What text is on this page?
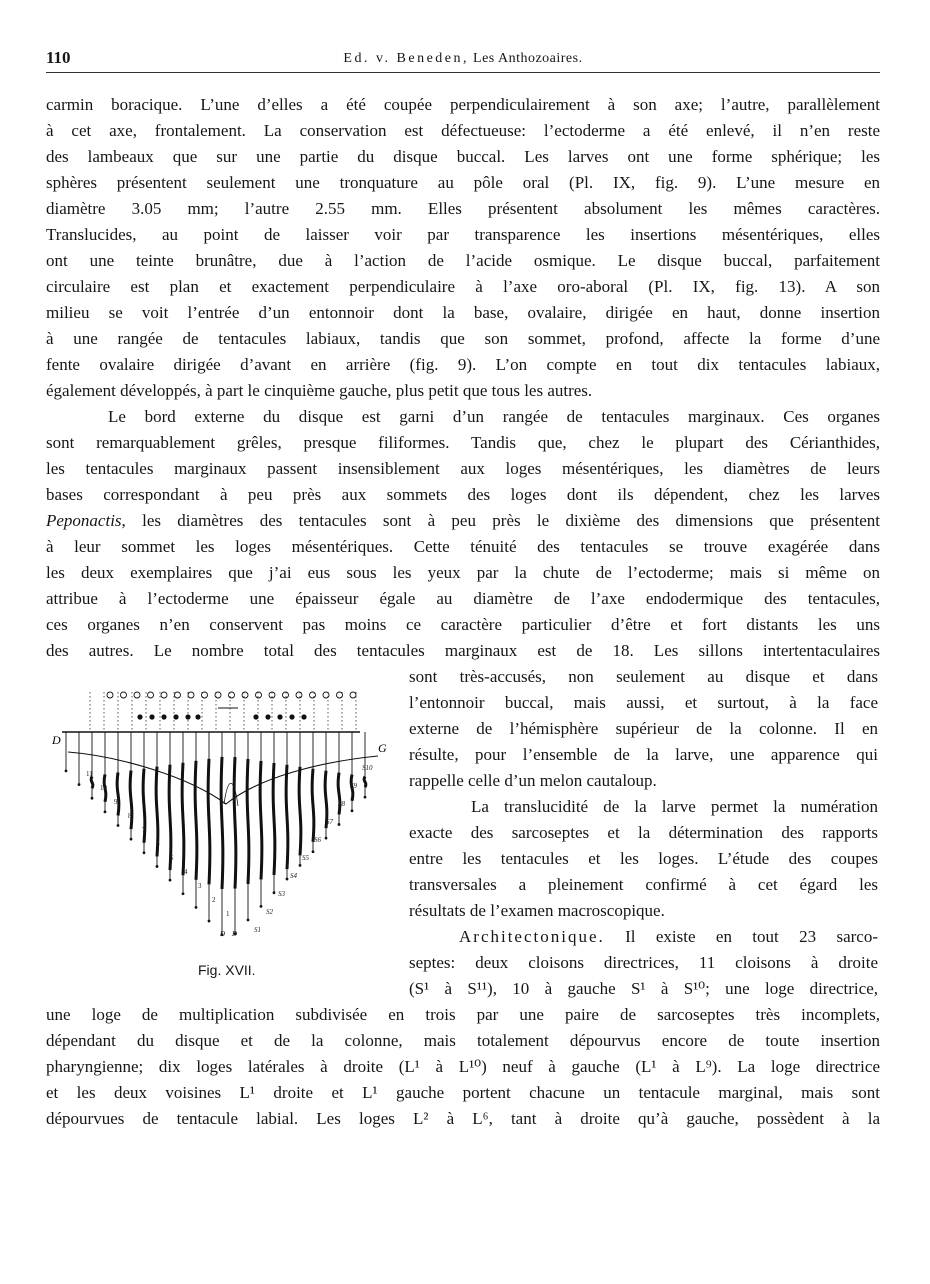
110	Ed. v. Beneden, Les Anthozoaires.
carmin boracique. L’une d’elles a été coupée perpendiculairement à son axe; l’autre, parallèlement
à cet axe, frontalement. La conservation est défectueuse: l’ectoderme a été enlevé, il n’en reste
des lambeaux que sur une partie du disque buccal. Les larves ont une forme sphérique; les
sphères présentent seulement une tronquature au pôle oral (Pl. IX, fig. 9). L’une mesure en
diamètre 3.05 mm; l’autre 2.55 mm. Elles présentent absolument les mêmes caractères.
Translucides, au point de laisser voir par transparence les insertions mésentériques, elles
ont une teinte brunâtre, due à l’action de l’acide osmique. Le disque buccal, parfaitement
circulaire est plan et exactement perpendiculaire à l’axe oro-aboral (Pl. IX, fig. 13). A son
milieu se voit l’entrée d’un entonnoir dont la base, ovalaire, dirigée en haut, donne insertion
à une rangée de tentacules labiaux, tandis que son sommet, profond, affecte la forme d’une
fente ovalaire dirigée d’avant en arrière (fig. 9). L’on compte en tout dix tentacules labiaux,
également développés, à part le cinquième gauche, plus petit que tous les autres.
Le bord externe du disque est garni d’un rangée de tentacules marginaux. Ces organes
sont remarquablement grêles, presque filiformes. Tandis que, chez le plupart des Cérianthides,
les tentacules marginaux passent insensiblement aux loges mésentériques, les diamètres de leurs
bases correspondant à peu près aux sommets des loges dont ils dépendent, chez les larves
Peponactis, les diamètres des tentacules sont à peu près le dixième des dimensions que présentent
à leur sommet les loges mésentériques. Cette ténuité des tentacules se trouve exagérée dans
les deux exemplaires que j’ai eus sous les yeux par la chute de l’ectoderme; mais si même on
attribue à l’ectoderme une épaisseur égale au diamètre de l’axe endodermique des tentacules,
ces organes n’en conservent pas moins ce caractère particulier d’être et fort distants les uns
des autres. Le nombre total des tentacules marginaux est de 18. Les sillons intertentaculaires
sont très-accusés, non seulement au disque et dans
l’entonnoir buccal, mais aussi, et surtout, à la face
externe de l’hémisphère supérieur de la colonne. Il en
résulte, pour l’ensemble de la larve, une apparence qui
rappelle celle d’un melon cautaloup.
La translucidité de la larve permet la numération
exacte des sarcoseptes et la détermination des rapports
entre les tentacules et les loges. L’étude des coupes
transversales a pleinement confirmé à cet égard les
résultats de l’examen macroscopique.
Architectonique. Il existe en tout 23 sarco-
septes: deux cloisons directrices, 11 cloisons à droite
(S¹ à S¹¹), 10 à gauche S¹ à S¹⁰; une loge directrice,
une loge de multiplication subdivisée en trois par une paire de sarcoseptes très incomplets,
dépendant du disque et de la colonne, mais totalement dépourvus encore de toute insertion
pharyngienne; dix loges latérales à droite (L¹ à L¹⁰) neuf à gauche (L¹ à L⁹). La loge directrice
et les deux voisines L¹ droite et L¹ gauche portent chacune un tentacule marginal, mais sont
dépourvues de tentacule labial. Les loges L² à L⁶, tant à droite qu’à gauche, possèdent à la
11
10
9
8
7
6
5
4
3
2
1
S1
S2
S3
S4
S5
S6
S7
S8
S9
S10
D D
D
G
Fig. XVII.
